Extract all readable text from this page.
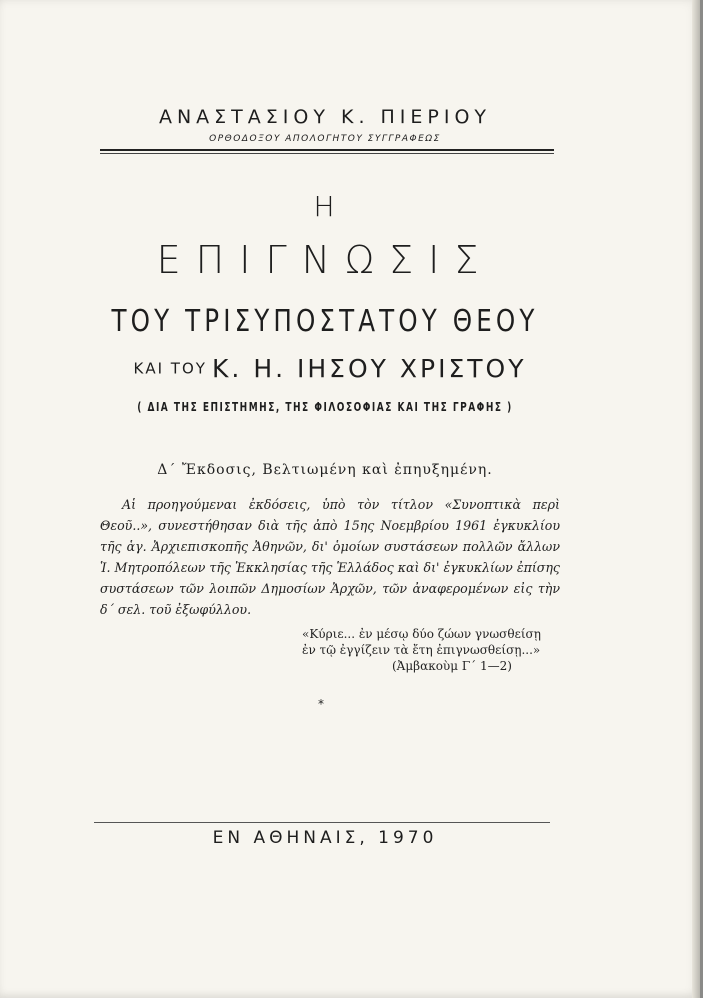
ΑΝΑΣΤΑΣΙΟΥ Κ. ΠΙΕΡΙΟΥ
ΟΡΘΟΔΟΞΟΥ ΑΠΟΛΟΓΗΤΟΥ ΣΥΓΓΡΑΦΕΩΣ
Η
ΕΠΙΓΝΩΣΙΣ
ΤΟΥ ΤΡΙΣΥΠΟΣΤΑΤΟΥ ΘΕΟΥ
ΚΑΙ ΤΟΥ Κ. Η. ΙΗΣΟΥ ΧΡΙΣΤΟΥ
( ΔΙΑ ΤΗΣ ΕΠΙΣΤΗΜΗΣ, ΤΗΣ ΦΙΛΟΣΟΦΙΑΣ ΚΑΙ ΤΗΣ ΓΡΑΦΗΣ )
Δ΄ Ἔκδοσις, Βελτιωμένη καὶ ἐπηυξημένη.
Αἱ προηγούμεναι ἐκδόσεις, ὑπὸ τὸν τίτλον «Συνοπτικὰ περὶ Θεοῦ..», συνεστήθησαν διὰ τῆς ἀπὸ 15ης Νοεμβρίου 1961 ἐγκυκλίου τῆς ἁγ. Ἀρχιεπισκοπῆς Ἀθηνῶν, δι' ὁμοίων συστάσεων πολλῶν ἄλλων Ἱ. Μητροπόλεων τῆς Ἐκκλησίας τῆς Ἑλλάδος καὶ δι' ἐγκυκλίων ἐπίσης συστάσεων τῶν λοιπῶν Δημοσίων Ἀρχῶν, τῶν ἀναφερομένων εἰς τὴν δ΄ σελ. τοῦ ἐξωφύλλου.
«Κύριε... ἐν μέσῳ δύο ζώων γνωσθείσῃ
ἐν τῷ ἐγγίζειν τὰ ἔτη ἐπιγνωσθείσῃ...»
(Ἀμβακοὺμ Γ΄ 1—2)
*
ΕΝ ΑΘΗΝΑΙΣ, 1970
